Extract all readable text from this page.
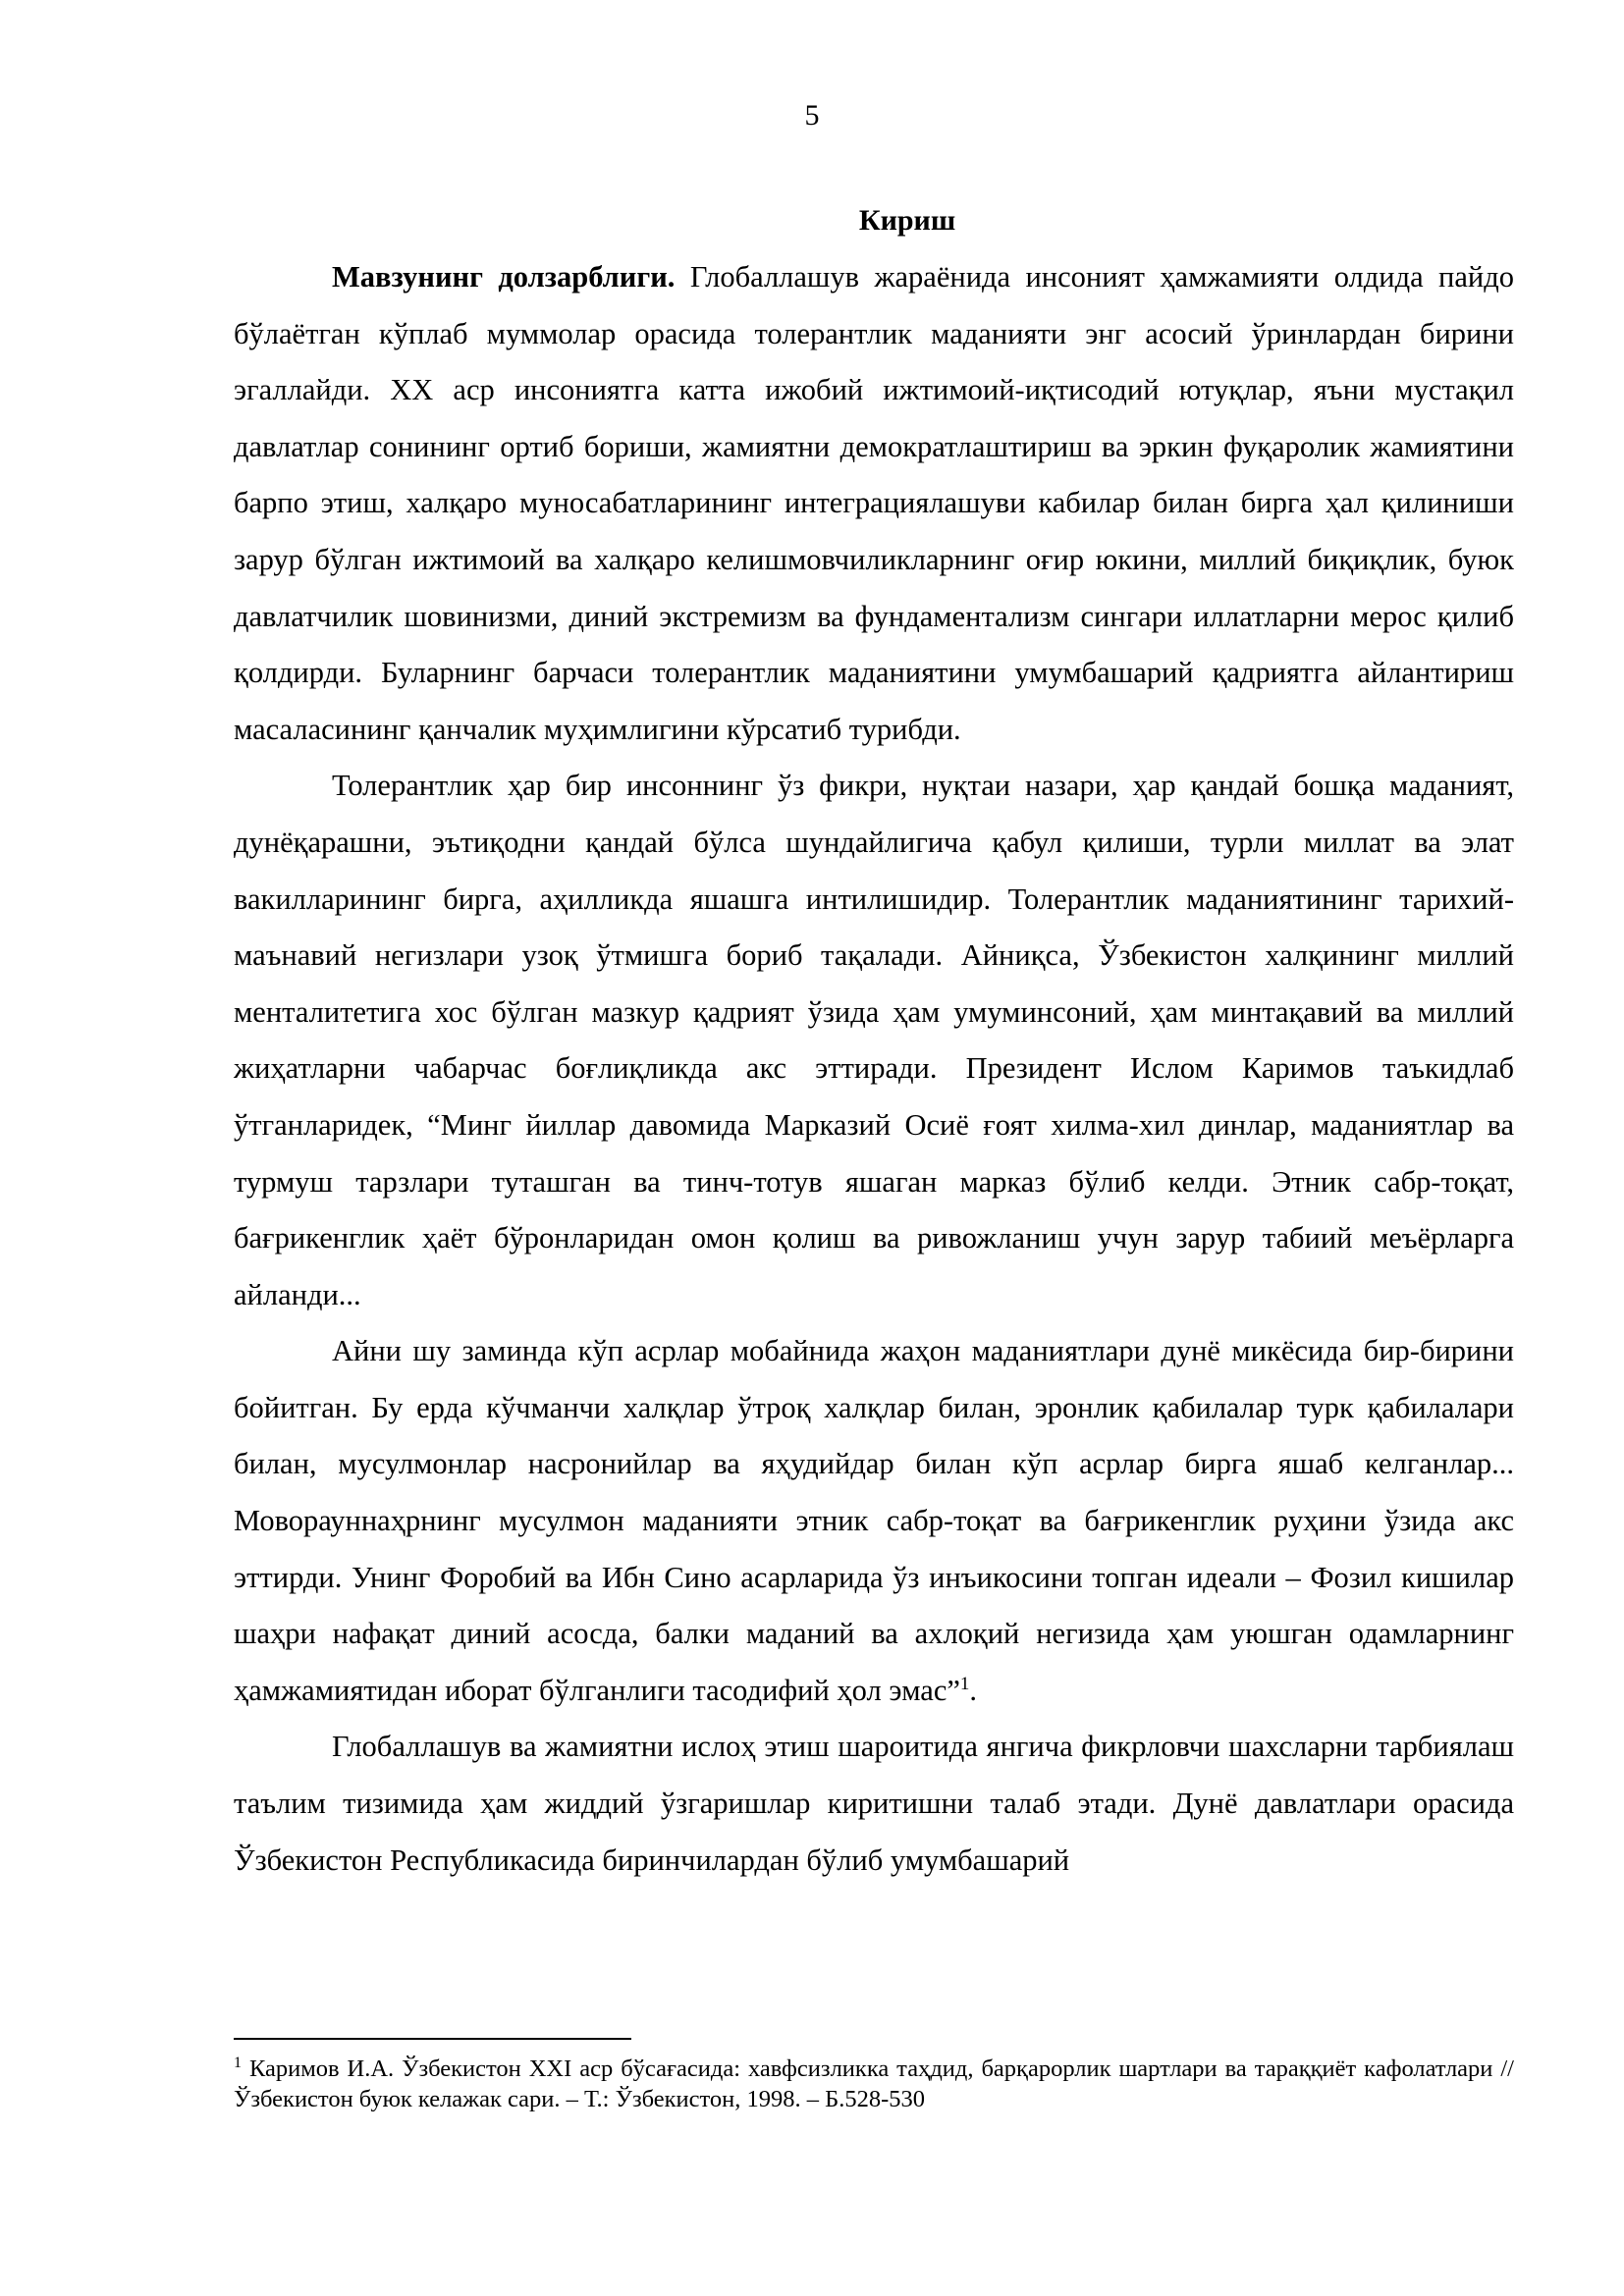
5
Кириш

Мавзунинг долзарблиги. Глобаллашув жараёнида инсоният ҳамжамияти олдида пайдо бўлаётган кўплаб муммолар орасида толерантлик маданияти энг асосий ўринлардан бирини эгаллайди. XX аср инсониятга катта ижобий ижтимоий-иқтисодий ютуқлар, яъни мустақил давлатлар сонининг ортиб бориши, жамиятни демократлаштириш ва эркин фуқаролик жамиятини барпо этиш, халқаро муносабатларининг интеграциялашуви кабилар билан бирга ҳал қилиниши зарур бўлган ижтимоий ва халқаро келишмовчиликларнинг оғир юкини, миллий биқиқлик, буюк давлатчилик шовинизми, диний экстремизм ва фундаментализм сингари иллатларни мерос қилиб қолдирди. Буларнинг барчаси толерантлик маданиятини умумбашарий қадриятга айлантириш масаласининг қанчалик муҳимлигини кўрсатиб турибди.

Толерантлик ҳар бир инсоннинг ўз фикри, нуқтаи назари, ҳар қандай бошқа маданият, дунёқарашни, эътиқодни қандай бўлса шундайлигича қабул қилиши, турли миллат ва элат вакилларининг бирга, аҳилликда яшашга интилишидир. Толерантлик маданиятининг тарихий-маънавий негизлари узоқ ўтмишга бориб тақалади. Айниқса, Ўзбекистон халқининг миллий менталитетига хос бўлган мазкур қадрият ўзида ҳам умуминсоний, ҳам минтақавий ва миллий жиҳатларни чабарчас боғлиқликда акс эттиради. Президент Ислом Каримов таъкидлаб ўтганларидек, “Минг йиллар давомида Марказий Осиё ғоят хилма-хил динлар, маданиятлар ва турмуш тарзлари туташган ва тинч-тотув яшаган марказ бўлиб келди. Этник сабр-тоқат, бағрикенглик ҳаёт бўронларидан омон қолиш ва ривожланиш учун зарур табиий меъёрларга айланди...

Айни шу заминда кўп асрлар мобайнида жаҳон маданиятлари дунё микёсида бир-бирини бойитган. Бу ерда кўчманчи халқлар ўтроқ халқлар билан, эронлик қабилалар турк қабилалари билан, мусулмонлар насронийлар ва яҳудийдар билан кўп асрлар бирга яшаб келганлар... Моворауннаҳрнинг мусулмон маданияти этник сабр-тоқат ва бағрикенглик руҳини ўзида акс эттирди. Унинг Форобий ва Ибн Сино асарларида ўз инъикосини топган идеали – Фозил кишилар шаҳри нафақат диний асосда, балки маданий ва ахлоқий негизида ҳам уюшган одамларнинг ҳамжамиятидан иборат бўлганлиги тасодифий ҳол эмас”$^1$.

Глобаллашув ва жамиятни ислоҳ этиш шароитида янгича фикрловчи шахсларни тарбиялаш таълим тизимида ҳам жиддий ўзгаришлар киритишни талаб этади. Дунё давлатлари орасида Ўзбекистон Республикасида биринчилардан бўлиб умумбашарий

$^1$ Каримов И.А. Ўзбекистон XXI аср бўсағасида: хавфсизликка таҳдид, барқарорлик шартлари ва тараққиёт кафолатлари // Ўзбекистон буюк келажак сари. – Т.: Ўзбекистон, 1998. – Б.528-530
